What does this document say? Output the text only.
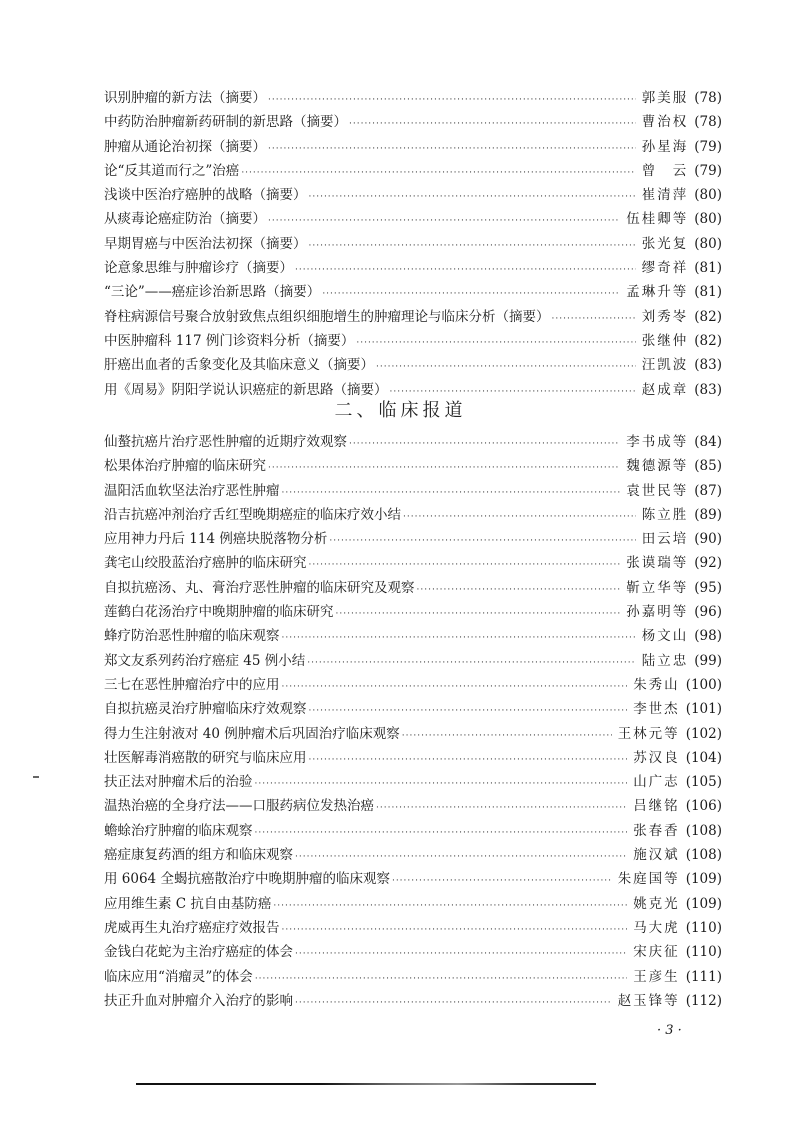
识别肿瘤的新方法（摘要） ·····	郭美服 (78)
中药防治肿瘤新药研制的新思路（摘要） ·····	曹治权 (78)
肿瘤从通论治初探（摘要） ·····	孙星海 (79)
论“反其道而行之”治癌 ·····	曾　云 (79)
浅谈中医治疗癌肿的战略（摘要） ·····	崔清萍 (80)
从痰毒论癌症防治（摘要） ·····	伍桂卿等 (80)
早期胃癌与中医治法初探（摘要） ·····	张光复 (80)
论意象思维与肿瘤诊疗（摘要） ·····	缪奇祥 (81)
“三论”——癌症诊治新思路（摘要） ·····	孟琳升等 (81)
脊柱病源信号聚合放射致焦点组织细胞增生的肿瘤理论与临床分析（摘要） ·····	刘秀岺 (82)
中医肿瘤科 117 例门诊资料分析（摘要） ·····	张继仲 (82)
肝癌出血者的舌象变化及其临床意义（摘要） ·····	汪凯波 (83)
用《周易》阴阳学说认识癌症的新思路（摘要） ·····	赵成章 (83)
二、临床报道
仙螯抗癌片治疗恶性肿瘤的近期疗效观察 ·····	李书成等 (84)
松果体治疗肿瘤的临床研究 ·····	魏德源等 (85)
温阳活血软坚法治疗恶性肿瘤 ·····	袁世民等 (87)
沿吉抗癌冲剂治疗舌红型晚期癌症的临床疗效小结 ·····	陈立胜 (89)
应用神力丹后 114 例癌块脱落物分析 ·····	田云培 (90)
龚宅山绞股蓝治疗癌肿的临床研究 ·····	张谟瑞等 (92)
自拟抗癌汤、丸、膏治疗恶性肿瘤的临床研究及观察 ·····	靳立华等 (95)
莲鹤白花汤治疗中晚期肿瘤的临床研究 ·····	孙嘉明等 (96)
蜂疗防治恶性肿瘤的临床观察 ·····	杨文山 (98)
郑文友系列药治疗癌症 45 例小结 ·····	陆立忠 (99)
三七在恶性肿瘤治疗中的应用 ·····	朱秀山 (100)
自拟抗癌灵治疗肿瘤临床疗效观察 ·····	李世杰 (101)
得力生注射液对 40 例肿瘤术后巩固治疗临床观察 ·····	王林元等 (102)
壮医解毒消癌散的研究与临床应用 ·····	苏汉良 (104)
扶正法对肿瘤术后的治验 ·····	山广志 (105)
温热治癌的全身疗法——口服药病位发热治癌 ·····	吕继铭 (106)
蟾蜍治疗肿瘤的临床观察 ·····	张春香 (108)
癌症康复药酒的组方和临床观察 ·····	施汉斌 (108)
用 6064 全蝎抗癌散治疗中晚期肿瘤的临床观察 ·····	朱庭国等 (109)
应用维生素 C 抗自由基防癌 ·····	姚克光 (109)
虎威再生丸治疗癌症疗效报告 ·····	马大虎 (110)
金钱白花蛇为主治疗癌症的体会 ·····	宋庆征 (110)
临床应用“消瘤灵”的体会 ·····	王彦生 (111)
扶正升血对肿瘤介入治疗的影响 ·····	赵玉锋等 (112)
· 3 ·
